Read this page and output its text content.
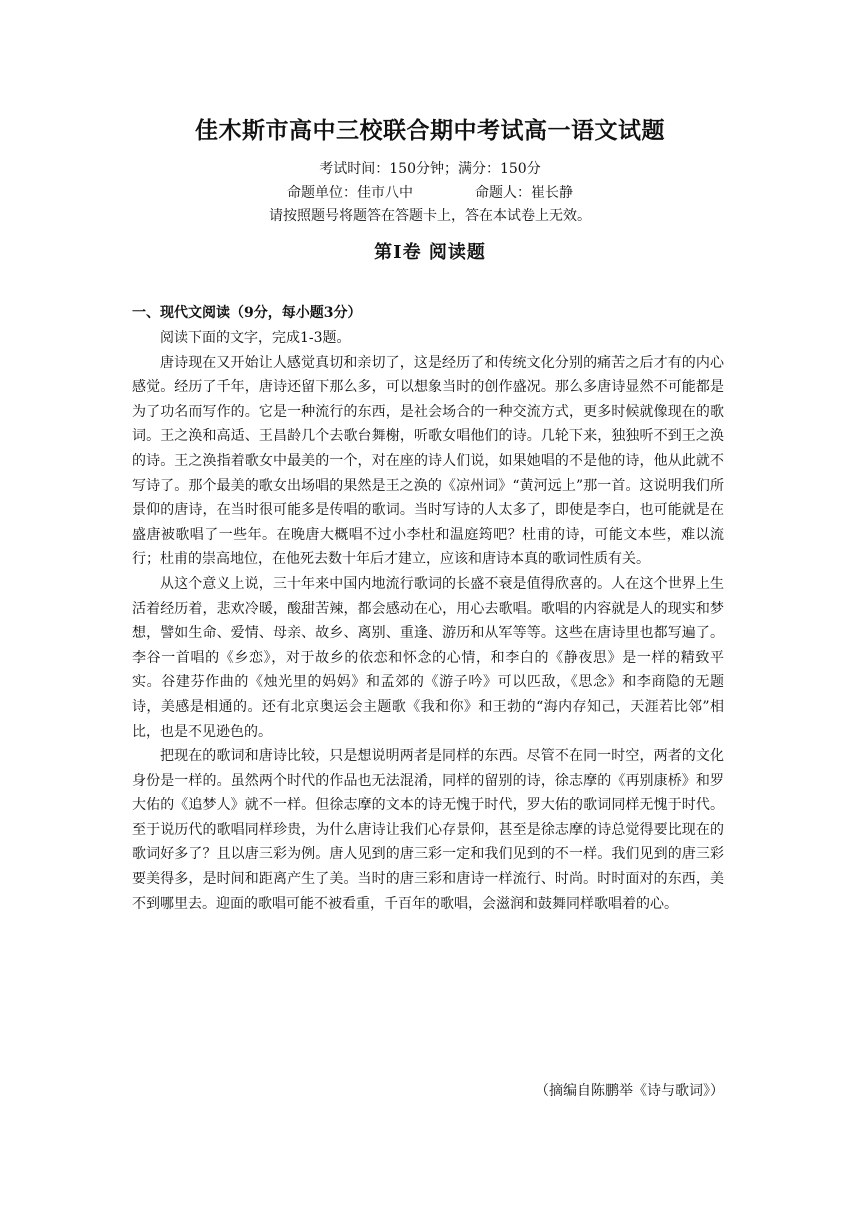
佳木斯市高中三校联合期中考试高一语文试题
考试时间：150分钟；满分：150分
命题单位：佳市八中	命题人：崔长静
请按照题号将题答在答题卡上，答在本试卷上无效。
第Ⅰ卷 阅读题
一、现代文阅读（9分，每小题3分）

阅读下面的文字，完成1-3题。

唐诗现在又开始让人感觉真切和亲切了，这是经历了和传统文化分别的痛苦之后才有的内心感觉。经历了千年，唐诗还留下那么多，可以想象当时的创作盛况。那么多唐诗显然不可能都是为了功名而写作的。它是一种流行的东西，是社会场合的一种交流方式，更多时候就像现在的歌词。王之涣和高适、王昌龄几个去歌台舞榭，听歌女唱他们的诗。几轮下来，独独听不到王之涣的诗。王之涣指着歌女中最美的一个，对在座的诗人们说，如果她唱的不是他的诗，他从此就不写诗了。那个最美的歌女出场唱的果然是王之涣的《凉州词》“黄河远上”那一首。这说明我们所景仰的唐诗，在当时很可能多是传唱的歌词。当时写诗的人太多了，即使是李白，也可能就是在盛唐被歌唱了一些年。在晚唐大概唱不过小李杜和温庭筠吧？杜甫的诗，可能文本些，难以流行；杜甫的崇高地位，在他死去数十年后才建立，应该和唐诗本真的歌词性质有关。

从这个意义上说，三十年来中国内地流行歌词的长盛不衰是值得欣喜的。人在这个世界上生活着经历着，悲欢冷暖，酸甜苦辣，都会感动在心，用心去歌唱。歌唱的内容就是人的现实和梦想，譬如生命、爱情、母亲、故乡、离别、重逢、游历和从军等等。这些在唐诗里也都写遍了。李谷一首唱的《乡恋》，对于故乡的依恋和怀念的心情，和李白的《静夜思》是一样的精致平实。谷建芬作曲的《烛光里的妈妈》和孟郊的《游子吟》可以匹敌，《思念》和李商隐的无题诗，美感是相通的。还有北京奥运会主题歌《我和你》和王勃的“海内存知己，天涯若比邻”相比，也是不见逊色的。

把现在的歌词和唐诗比较，只是想说明两者是同样的东西。尽管不在同一时空，两者的文化身份是一样的。虽然两个时代的作品也无法混淆，同样的留别的诗，徐志摩的《再别康桥》和罗大佑的《追梦人》就不一样。但徐志摩的文本的诗无愧于时代，罗大佑的歌词同样无愧于时代。至于说历代的歌唱同样珍贵，为什么唐诗让我们心存景仰，甚至是徐志摩的诗总觉得要比现在的歌词好多了？且以唐三彩为例。唐人见到的唐三彩一定和我们见到的不一样。我们见到的唐三彩要美得多，是时间和距离产生了美。当时的唐三彩和唐诗一样流行、时尚。时时面对的东西，美不到哪里去。迎面的歌唱可能不被看重，千百年的歌唱，会滋润和鼓舞同样歌唱着的心。

（摘编自陈鹏举《诗与歌词》）
